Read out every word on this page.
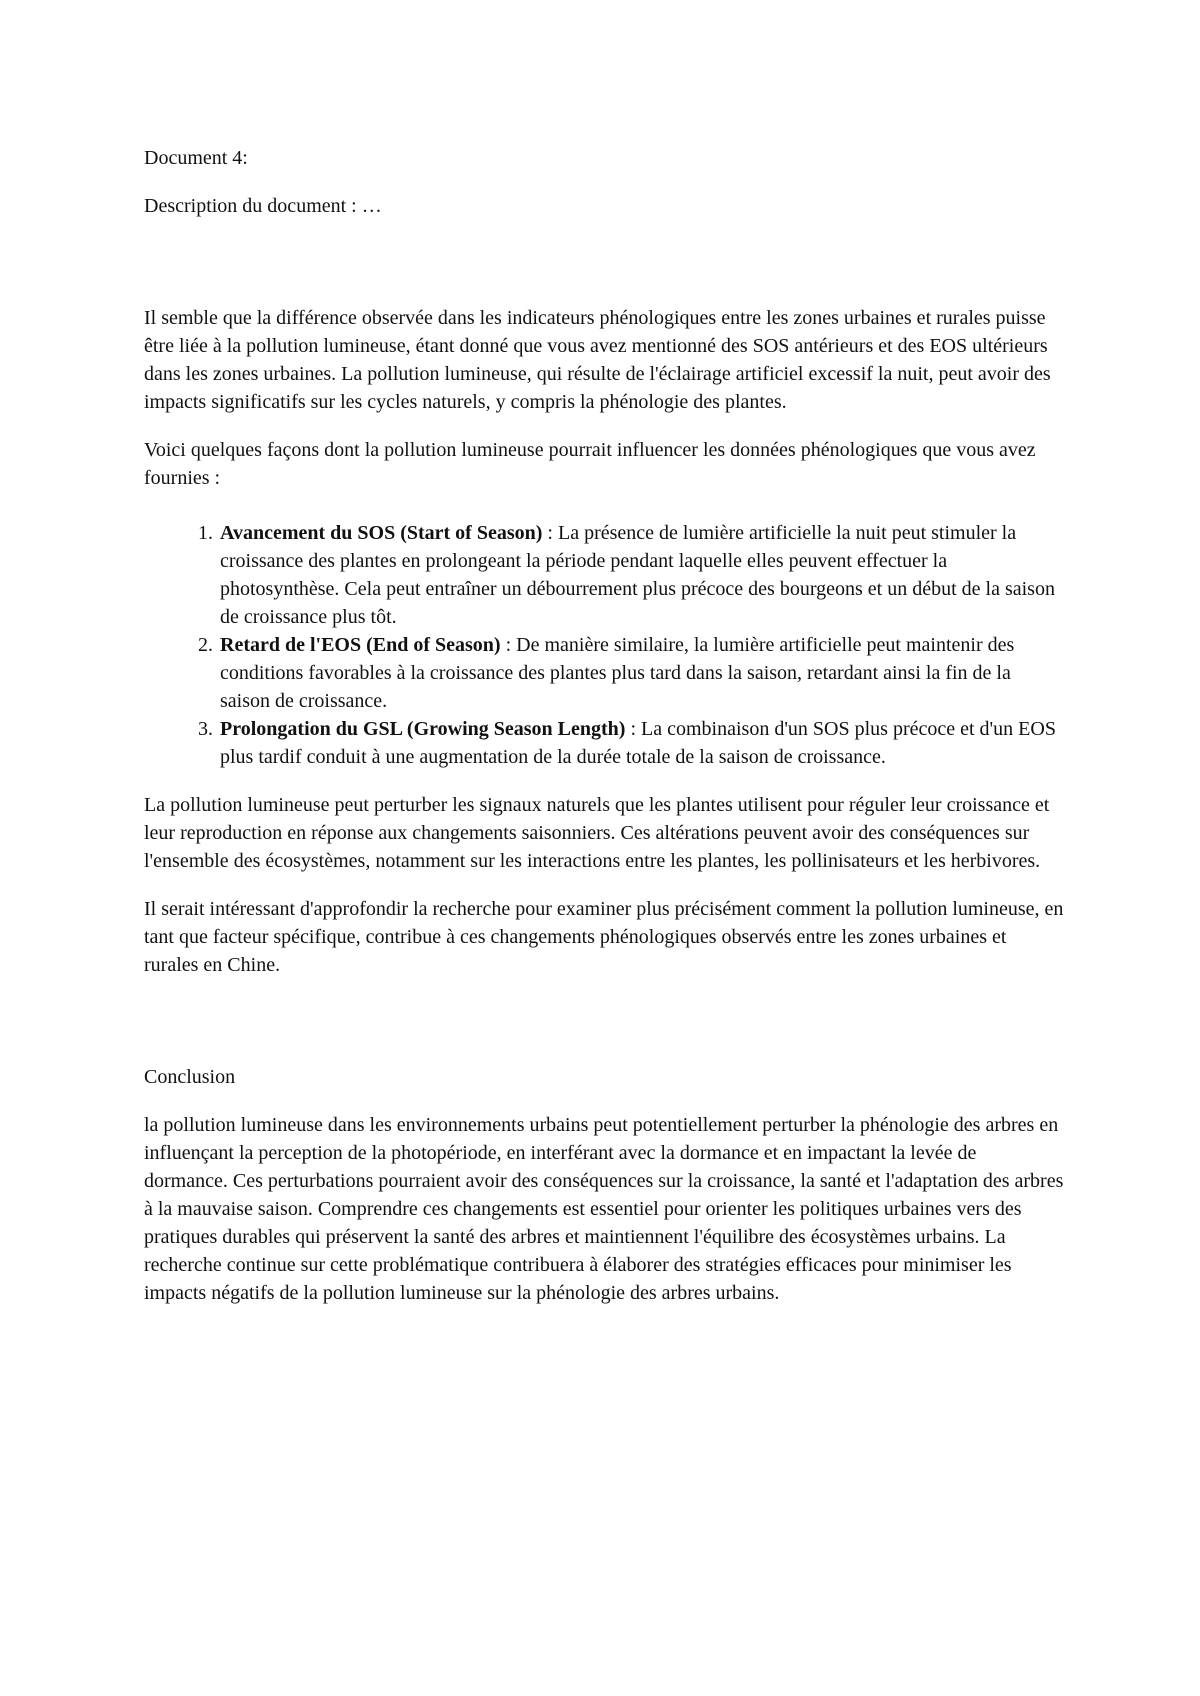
Document 4:

Description du document : …

Il semble que la différence observée dans les indicateurs phénologiques entre les zones urbaines et rurales puisse être liée à la pollution lumineuse, étant donné que vous avez mentionné des SOS antérieurs et des EOS ultérieurs dans les zones urbaines. La pollution lumineuse, qui résulte de l'éclairage artificiel excessif la nuit, peut avoir des impacts significatifs sur les cycles naturels, y compris la phénologie des plantes.

Voici quelques façons dont la pollution lumineuse pourrait influencer les données phénologiques que vous avez fournies :

1. Avancement du SOS (Start of Season) : La présence de lumière artificielle la nuit peut stimuler la croissance des plantes en prolongeant la période pendant laquelle elles peuvent effectuer la photosynthèse. Cela peut entraîner un débourrement plus précoce des bourgeons et un début de la saison de croissance plus tôt.
2. Retard de l'EOS (End of Season) : De manière similaire, la lumière artificielle peut maintenir des conditions favorables à la croissance des plantes plus tard dans la saison, retardant ainsi la fin de la saison de croissance.
3. Prolongation du GSL (Growing Season Length) : La combinaison d'un SOS plus précoce et d'un EOS plus tardif conduit à une augmentation de la durée totale de la saison de croissance.

La pollution lumineuse peut perturber les signaux naturels que les plantes utilisent pour réguler leur croissance et leur reproduction en réponse aux changements saisonniers. Ces altérations peuvent avoir des conséquences sur l'ensemble des écosystèmes, notamment sur les interactions entre les plantes, les pollinisateurs et les herbivores.

Il serait intéressant d'approfondir la recherche pour examiner plus précisément comment la pollution lumineuse, en tant que facteur spécifique, contribue à ces changements phénologiques observés entre les zones urbaines et rurales en Chine.

Conclusion

la pollution lumineuse dans les environnements urbains peut potentiellement perturber la phénologie des arbres en influençant la perception de la photopériode, en interférant avec la dormance et en impactant la levée de dormance. Ces perturbations pourraient avoir des conséquences sur la croissance, la santé et l'adaptation des arbres à la mauvaise saison. Comprendre ces changements est essentiel pour orienter les politiques urbaines vers des pratiques durables qui préservent la santé des arbres et maintiennent l'équilibre des écosystèmes urbains. La recherche continue sur cette problématique contribuera à élaborer des stratégies efficaces pour minimiser les impacts négatifs de la pollution lumineuse sur la phénologie des arbres urbains.
